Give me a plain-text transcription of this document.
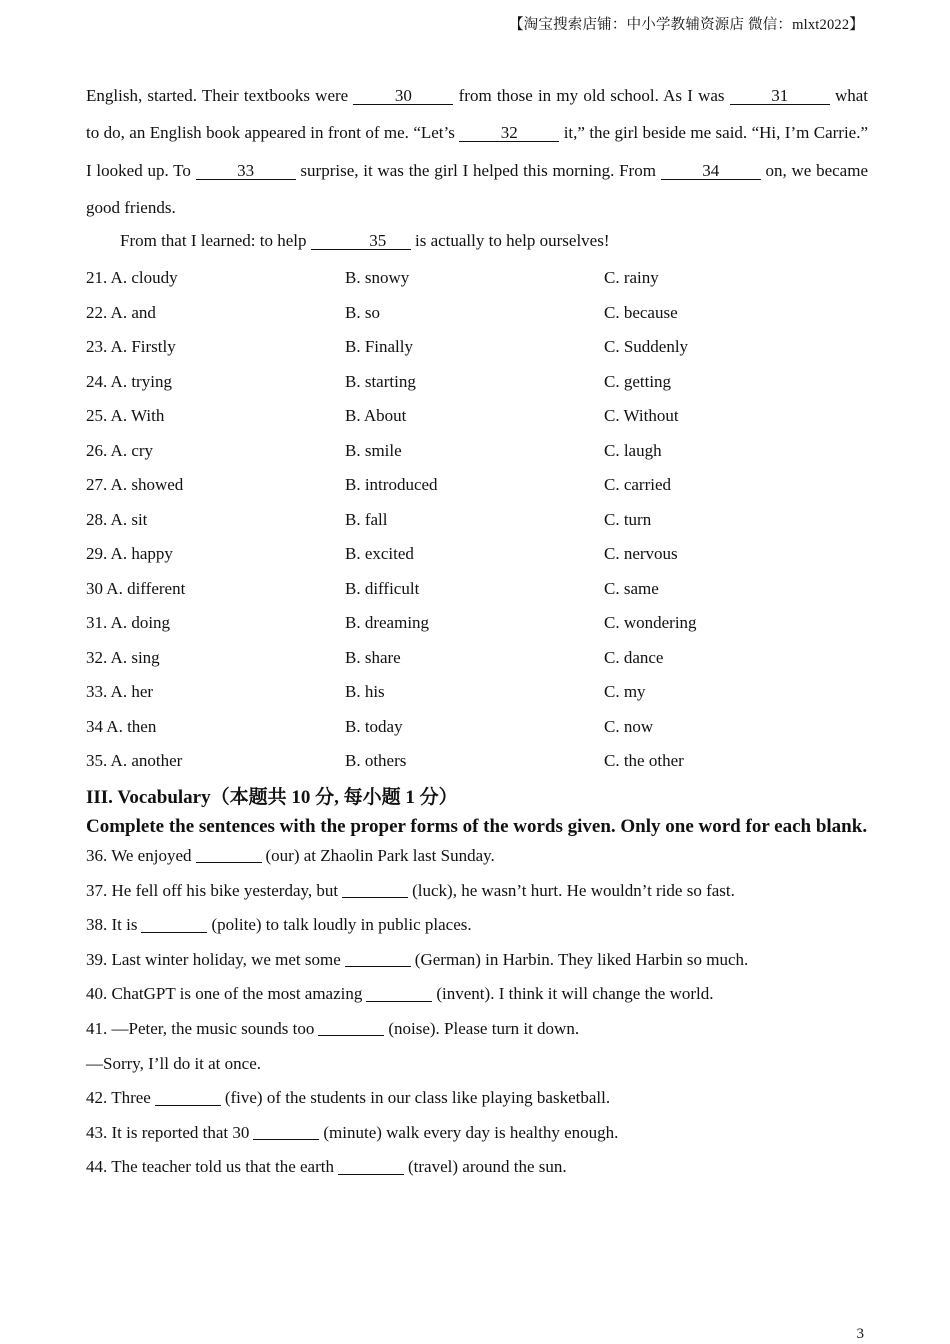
【淘宝搜索店铺：中小学教辅资源店 微信：mlxt2022】

English, started. Their textbooks were 30 from those in my old school. As I was 31 what to do, an English book appeared in front of me. “Let’s 32 it,” the girl beside me said. “Hi, I’m Carrie.” I looked up. To 33 surprise, it was the girl I helped this morning. From 34 on, we became good friends.

From that I learned: to help	35 is actually to help ourselves!

21. A. cloudy	B. snowy	C. rainy
22. A. and	B. so	C. because
23. A. Firstly	B. Finally	C. Suddenly
24. A. trying	B. starting	C. getting
25. A. With	B. About	C. Without
26. A. cry	B. smile	C. laugh
27. A. showed	B. introduced	C. carried
28. A. sit	B. fall	C. turn
29. A. happy	B. excited	C. nervous
30 A. different	B. difficult	C. same
31. A. doing	B. dreaming	C. wondering
32. A. sing	B. share	C. dance
33. A. her	B. his	C. my
34 A. then	B. today	C. now
35. A. another	B. others	C. the other
III. Vocabulary（本题共 10 分, 每小题 1 分）
Complete the sentences with the proper forms of the words given. Only one word for each blank.
36. We enjoyed	(our) at Zhaolin Park last Sunday.
37. He fell off his bike yesterday, but	(luck), he wasn’t hurt. He wouldn’t ride so fast.
38. It is	(polite) to talk loudly in public places.
39. Last winter holiday, we met some	(German) in Harbin. They liked Harbin so much.
40. ChatGPT is one of the most amazing	(invent). I think it will change the world.
41. —Peter, the music sounds too	(noise). Please turn it down.
—Sorry, I’ll do it at once.
42. Three	(five) of the students in our class like playing basketball.
43. It is reported that 30	(minute) walk every day is healthy enough.
44. The teacher told us that the earth	(travel) around the sun.
3
